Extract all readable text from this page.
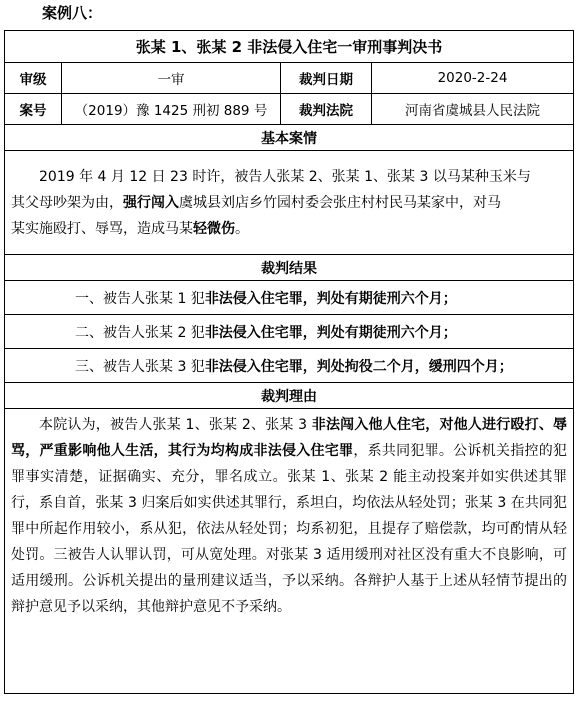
案例八：
张某 1、张某 2 非法侵入住宅一审刑事判决书
审级	一审	裁判日期	2020-2-24
案号	（2019）豫 1425 刑初 889 号	裁判法院	河南省虞城县人民法院
基本案情
2019 年 4 月 12 日 23 时许，被告人张某 2、张某 1、张某 3 以马某种玉米与
其父母吵架为由，强行闯入虞城县刘店乡竹园村委会张庄村村民马某家中，对马
某实施殴打、辱骂，造成马某轻微伤。
裁判结果
一、被告人张某 1 犯 非法侵入住宅罪，判处有期徒刑六个月；
二、被告人张某 2 犯 非法侵入住宅罪，判处有期徒刑六个月；
三、被告人张某 3 犯 非法侵入住宅罪，判处拘役二个月，缓刑四个月；
裁判理由
本院认为，被告人张某 1、张某 2、张某 3 非法闯入他人住宅，对他人进行殴打、辱骂，严重影响他人生活，其行为均构成非法侵入住宅罪，系共同犯罪。公诉机关指控的犯罪事实清楚，证据确实、充分，罪名成立。张某 1、张某 2 能主动投案并如实供述其罪行，系自首，张某 3 归案后如实供述其罪行，系坦白，均依法从轻处罚；张某 3 在共同犯罪中所起作用较小，系从犯，依法从轻处罚；均系初犯，且提存了赔偿款，均可酌情从轻处罚。三被告人认罪认罚，可从宽处理。对张某 3 适用缓刑对社区没有重大不良影响，可适用缓刑。公诉机关提出的量刑建议适当，予以采纳。各辩护人基于上述从轻情节提出的辩护意见予以采纳，其他辩护意见不予采纳。
